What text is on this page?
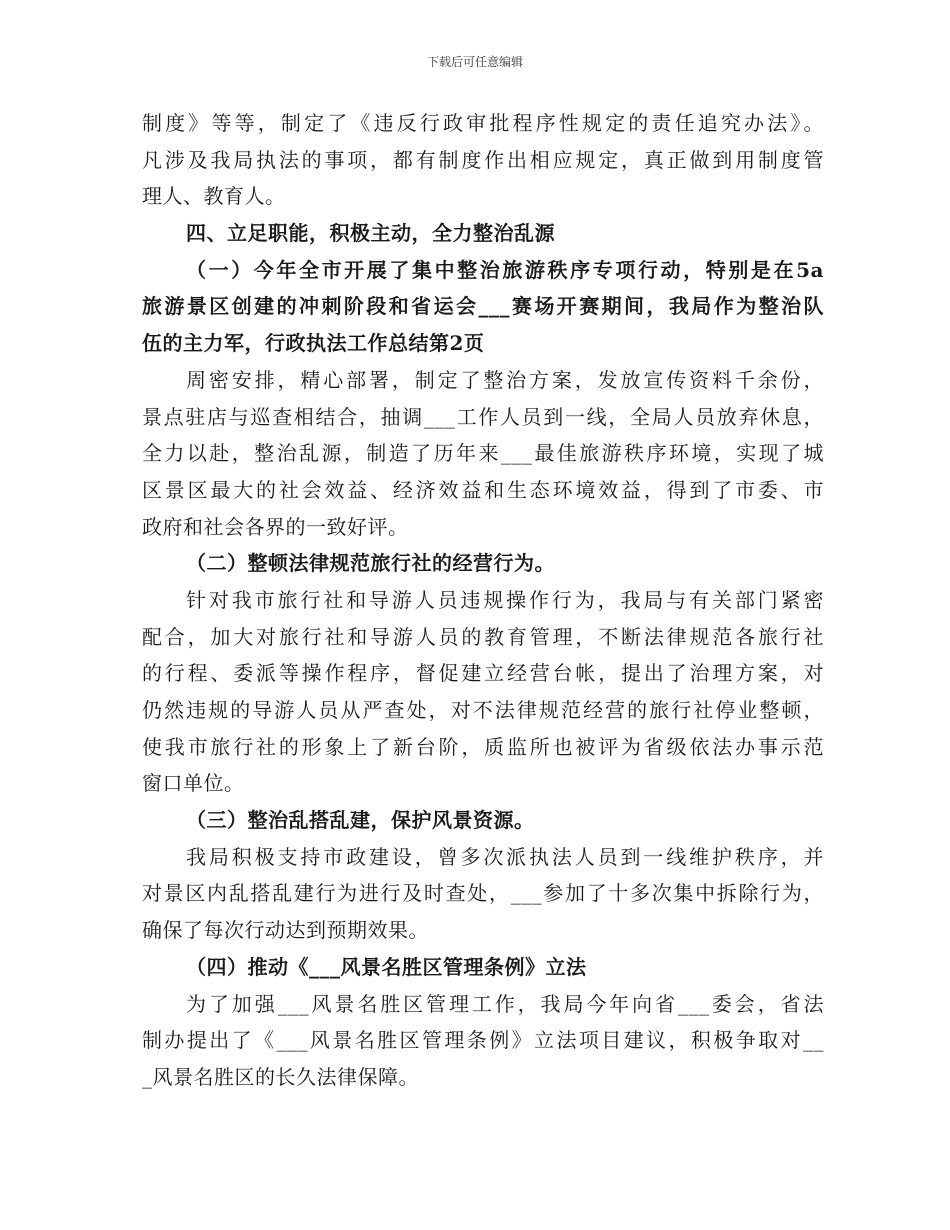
下载后可任意编辑
制度》等等，制定了《违反行政审批程序性规定的责任追究办法》。
凡涉及我局执法的事项，都有制度作出相应规定，真正做到用制度管
理人、教育人。
四、立足职能，积极主动，全力整治乱源
（一）今年全市开展了集中整治旅游秩序专项行动，特别是在5a
旅游景区创建的冲刺阶段和省运会___赛场开赛期间，我局作为整治队
伍的主力军，行政执法工作总结第2页
周密安排，精心部署，制定了整治方案，发放宣传资料千余份，
景点驻店与巡查相结合，抽调___工作人员到一线，全局人员放弃休息，
全力以赴，整治乱源，制造了历年来___最佳旅游秩序环境，实现了城
区景区最大的社会效益、经济效益和生态环境效益，得到了市委、市
政府和社会各界的一致好评。
（二）整顿法律规范旅行社的经营行为。
针对我市旅行社和导游人员违规操作行为，我局与有关部门紧密
配合，加大对旅行社和导游人员的教育管理，不断法律规范各旅行社
的行程、委派等操作程序，督促建立经营台帐，提出了治理方案，对
仍然违规的导游人员从严查处，对不法律规范经营的旅行社停业整顿，
使我市旅行社的形象上了新台阶，质监所也被评为省级依法办事示范
窗口单位。
（三）整治乱搭乱建，保护风景资源。
我局积极支持市政建设，曾多次派执法人员到一线维护秩序，并
对景区内乱搭乱建行为进行及时查处，___参加了十多次集中拆除行为，
确保了每次行动达到预期效果。
（四）推动《___风景名胜区管理条例》立法
为了加强___风景名胜区管理工作，我局今年向省___委会，省法
制办提出了《___风景名胜区管理条例》立法项目建议，积极争取对__
_风景名胜区的长久法律保障。
